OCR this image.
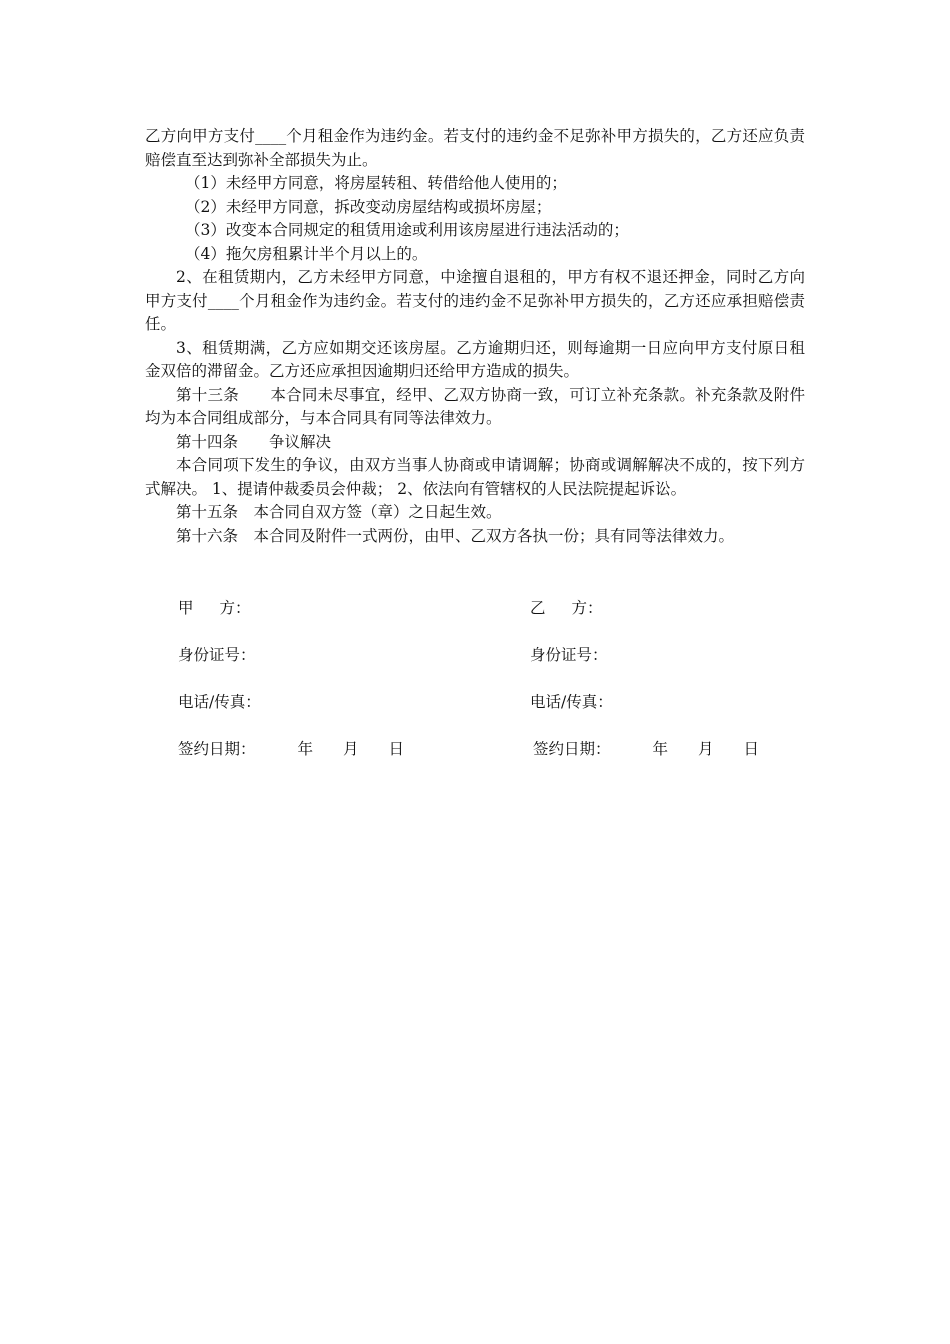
乙方向甲方支付____个月租金作为违约金。若支付的违约金不足弥补甲方损失的，乙方还应负责赔偿直至达到弥补全部损失为止。

（1）未经甲方同意，将房屋转租、转借给他人使用的；

（2）未经甲方同意，拆改变动房屋结构或损坏房屋；

（3）改变本合同规定的租赁用途或利用该房屋进行违法活动的；

（4）拖欠房租累计半个月以上的。

2、在租赁期内，乙方未经甲方同意，中途擅自退租的，甲方有权不退还押金，同时乙方向甲方支付____个月租金作为违约金。若支付的违约金不足弥补甲方损失的，乙方还应承担赔偿责任。

3、租赁期满，乙方应如期交还该房屋。乙方逾期归还，则每逾期一日应向甲方支付原日租金双倍的滞留金。乙方还应承担因逾期归还给甲方造成的损失。

第十三条　　本合同未尽事宜，经甲、乙双方协商一致，可订立补充条款。补充条款及附件均为本合同组成部分，与本合同具有同等法律效力。

第十四条　　争议解决

本合同项下发生的争议，由双方当事人协商或申请调解；协商或调解解决不成的，按下列方式解决。 1、提请仲裁委员会仲裁； 2、依法向有管辖权的人民法院提起诉讼。

第十五条　本合同自双方签（章）之日起生效。

第十六条　本合同及附件一式两份，由甲、乙双方各执一份；具有同等法律效力。

甲 方：	乙 方：
身份证号：	身份证号：
电话/传真：	电话/传真：
签约日期：	年 月 日	签约日期：	年 月 日
